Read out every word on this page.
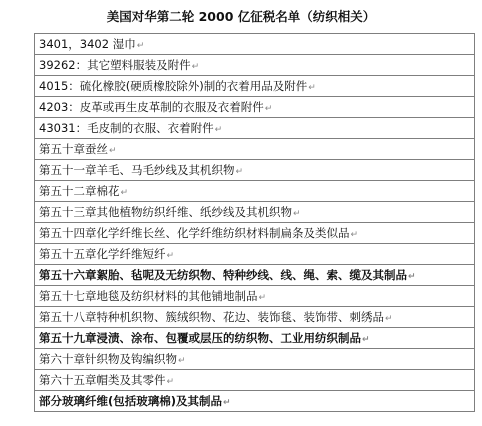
美国对华第二轮 2000 亿征税名单（纺织相关）
3401，3402 湿巾↵
39262：其它塑料服装及附件↵
4015：硫化橡胶(硬质橡胶除外)制的衣着用品及附件↵
4203：皮革或再生皮革制的衣服及衣着附件↵
43031：毛皮制的衣服、衣着附件↵
第五十章蚕丝↵
第五十一章羊毛、马毛纱线及其机织物↵
第五十二章棉花↵
第五十三章其他植物纺织纤维、纸纱线及其机织物↵
第五十四章化学纤维长丝、化学纤维纺织材料制扁条及类似品↵
第五十五章化学纤维短纤↵
第五十六章絮胎、毡呢及无纺织物、特种纱线、线、绳、索、缆及其制品↵
第五十七章地毯及纺织材料的其他铺地制品↵
第五十八章特种机织物、簇绒织物、花边、装饰毯、装饰带、刺绣品↵
第五十九章浸渍、涂布、包覆或层压的纺织物、工业用纺织制品↵
第六十章针织物及钩编织物↵
第六十五章帽类及其零件↵
部分玻璃纤维(包括玻璃棉)及其制品↵
